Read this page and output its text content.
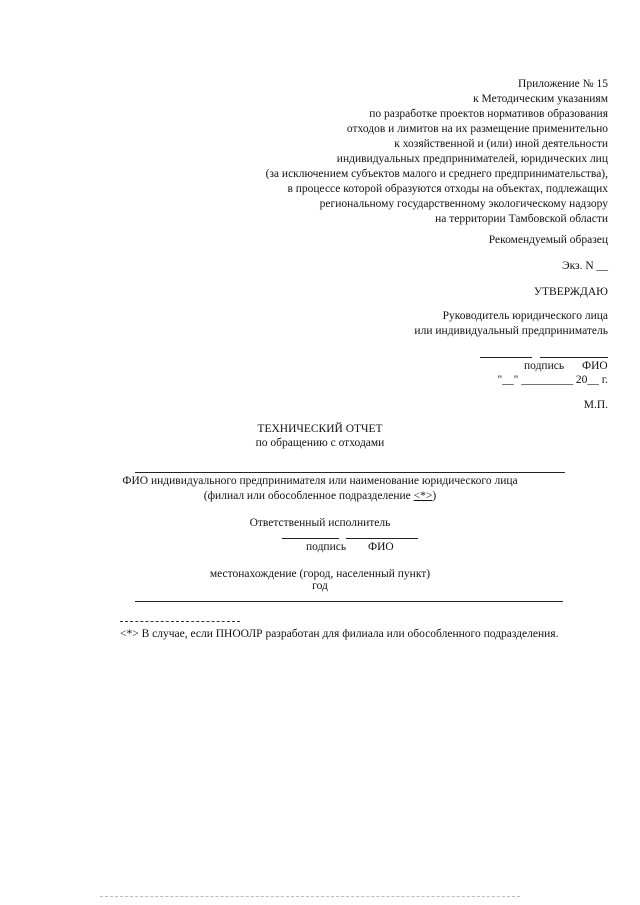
Приложение № 15
к Методическим указаниям
по разработке проектов нормативов образования
отходов и лимитов на их размещение применительно
к хозяйственной и (или) иной деятельности
индивидуальных предпринимателей, юридических лиц
(за исключением субъектов малого и среднего предпринимательства),
в процессе которой образуются отходы на объектах, подлежащих
региональному государственному экологическому надзору
на территории Тамбовской области
Рекомендуемый образец
Экз. N __
УТВЕРЖДАЮ
Руководитель юридического лица
или индивидуальный предприниматель
подпись ФИО
"__" _________ 20__ г.
М.П.
ТЕХНИЧЕСКИЙ ОТЧЕТ
по обращению с отходами
ФИО индивидуального предпринимателя или наименование юридического лица
(филиал или обособленное подразделение <*>)
Ответственный исполнитель
подпись ФИО
местонахождение (город, населенный пункт)
год
<*> В случае, если ПНООЛР разработан для филиала или обособленного подразделения.
